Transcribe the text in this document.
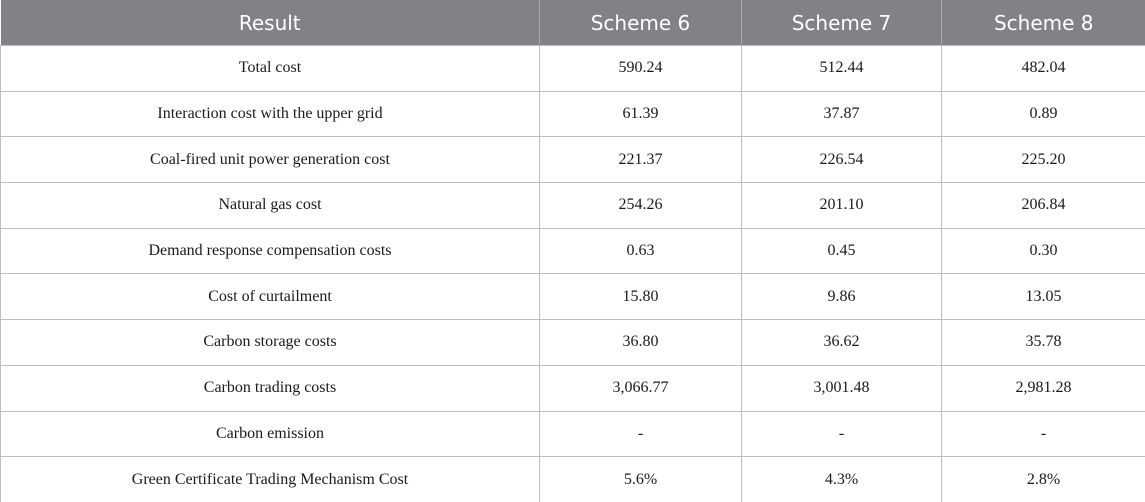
Result	Scheme 6	Scheme 7	Scheme 8
Total cost	590.24	512.44	482.04
Interaction cost with the upper grid	61.39	37.87	0.89
Coal-fired unit power generation cost	221.37	226.54	225.20
Natural gas cost	254.26	201.10	206.84
Demand response compensation costs	0.63	0.45	0.30
Cost of curtailment	15.80	9.86	13.05
Carbon storage costs	36.80	36.62	35.78
Carbon trading costs	3,066.77	3,001.48	2,981.28
Carbon emission	-	-	-
Green Certificate Trading Mechanism Cost	5.6%	4.3%	2.8%
